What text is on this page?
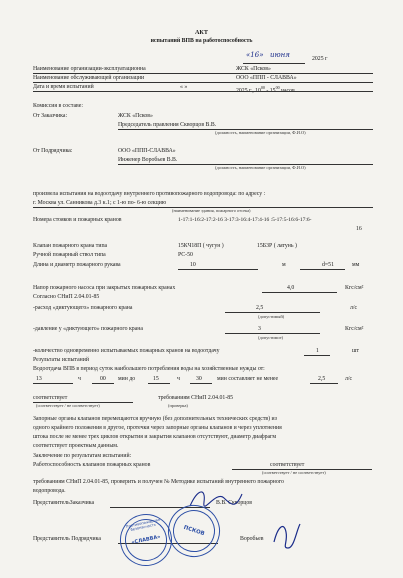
АКТ
испытаний ВПВ на работоспособность
«16» июня	2025 г
Наименование организации-эксплуатационна	ЖСК «Псков»
Наименование обслуживающей организации	ООО «ППП - СЛАВВА»
Дата и время испытаний	« »
2025 г., $10^{00} - 15^{00}$ часов
Комиссия в составе:
От Заказчика:	ЖСК «Псков»
Председатель правления Скворцов В.В.
(должность, наименование организации, Ф.И.О)
От Подрядчика:	ООО «ППП-СЛАВВА»
Инженер Воробьев В.В.
(должность, наименование организации, Ф.И.О)
произвела испытания на водоотдачу внутреннего противопожарного водопровода: по адресу :
г. Москва ул. Санникова д.3 к.1; с 1-ю по- 6-ю секцию
(наименование здания, пожарного отсека)
Номера стояков и пожарных кранов	1-17:1-16:2-17:2-16 3-17:3-16:4-17:4-16 :5-17:5-16:6-17:6-
16
Клапан пожарного крана типа	15КЧ18П ( чугун )	15Б3Р ( латунь )
Ручной пожарный ствол типа	РС-50
Длина и диаметр пожарного рукава	10	м	d=51	мм
Напор пожарного насоса при закрытых пожарных кранах	4,0	Кгс/см²
Согласно СНиП 2.04.01-85
-расход «диктующего» пожарного крана	2,5	л/с
(допустимый)
-давление у «диктующего» пожарного крана	3	Кгс/см²
(допустимое)
-количество одновременно испытываемых пожарных кранов на водоотдачу	1	шт
Результаты испытаний
Водоотдача ВПВ в период суток наибольшего потребления воды на хозяйственные нужды от:
13	ч	00 мин до	15	ч	30	мин составляет не менее	2,5	л/с
соответствует
(соответствует / не соответствует)
требованиям СНиП 2.04.01-85
(проверка)
Запорные органы клапанов перемещаются вручную (без дополнительных технических средств) из
одного крайнего положения в другое, протечки через запорные органы клапанов и через уплотнения
штока после не менее трех циклов открытия и закрытия клапанов отсутствуют, диаметр диафрагм
соответствует проектным данным.
Заключение по результатам испытаний:
Работоспособность клапанов пожарных кранов	соответствует
(соответствует / не соответствует)
требованиям СНиП 2.04.01-85, проверить и получен № Методике испытаний внутреннего пожарного
водопровода.
ПредставительЗаказчика	В.В. Скворцов
Представитель Подрядчика	Воробьев
Противопожарная безопасность
«СЛАВВА»
ПСКОВ
